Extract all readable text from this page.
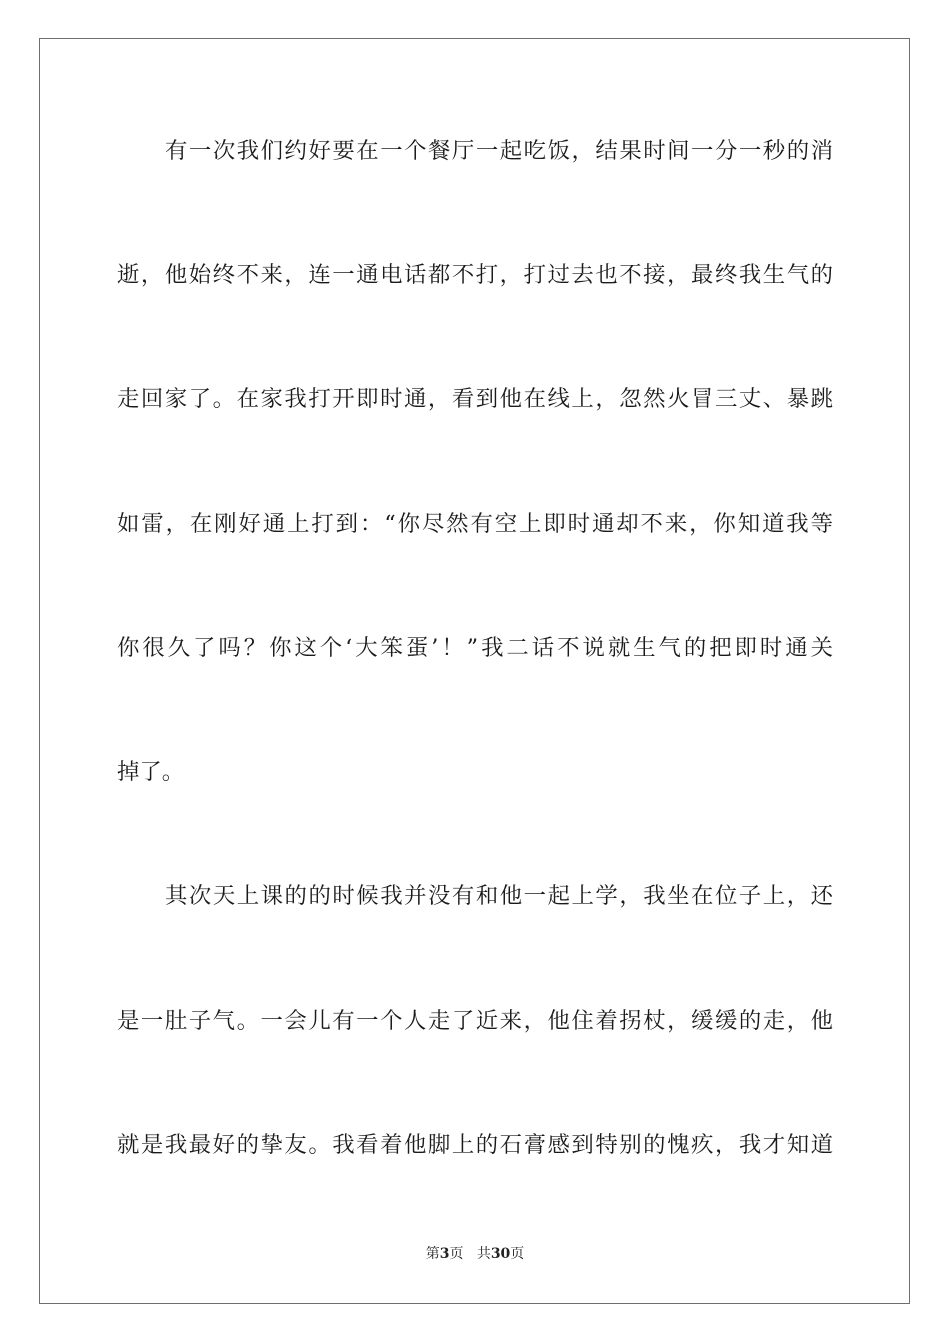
有一次我们约好要在一个餐厅一起吃饭，结果时间一分一秒的消
逝，他始终不来，连一通电话都不打，打过去也不接，最终我生气的
走回家了。在家我打开即时通，看到他在线上，忽然火冒三丈、暴跳
如雷，在刚好通上打到：“你尽然有空上即时通却不来，你知道我等
你很久了吗？你这个‘大笨蛋’！”我二话不说就生气的把即时通关
掉了。
其次天上课的的时候我并没有和他一起上学，我坐在位子上，还
是一肚子气。一会儿有一个人走了近来，他住着拐杖，缓缓的走，他
就是我最好的挚友。我看着他脚上的石膏感到特别的愧疚，我才知道
第3页 共30页
